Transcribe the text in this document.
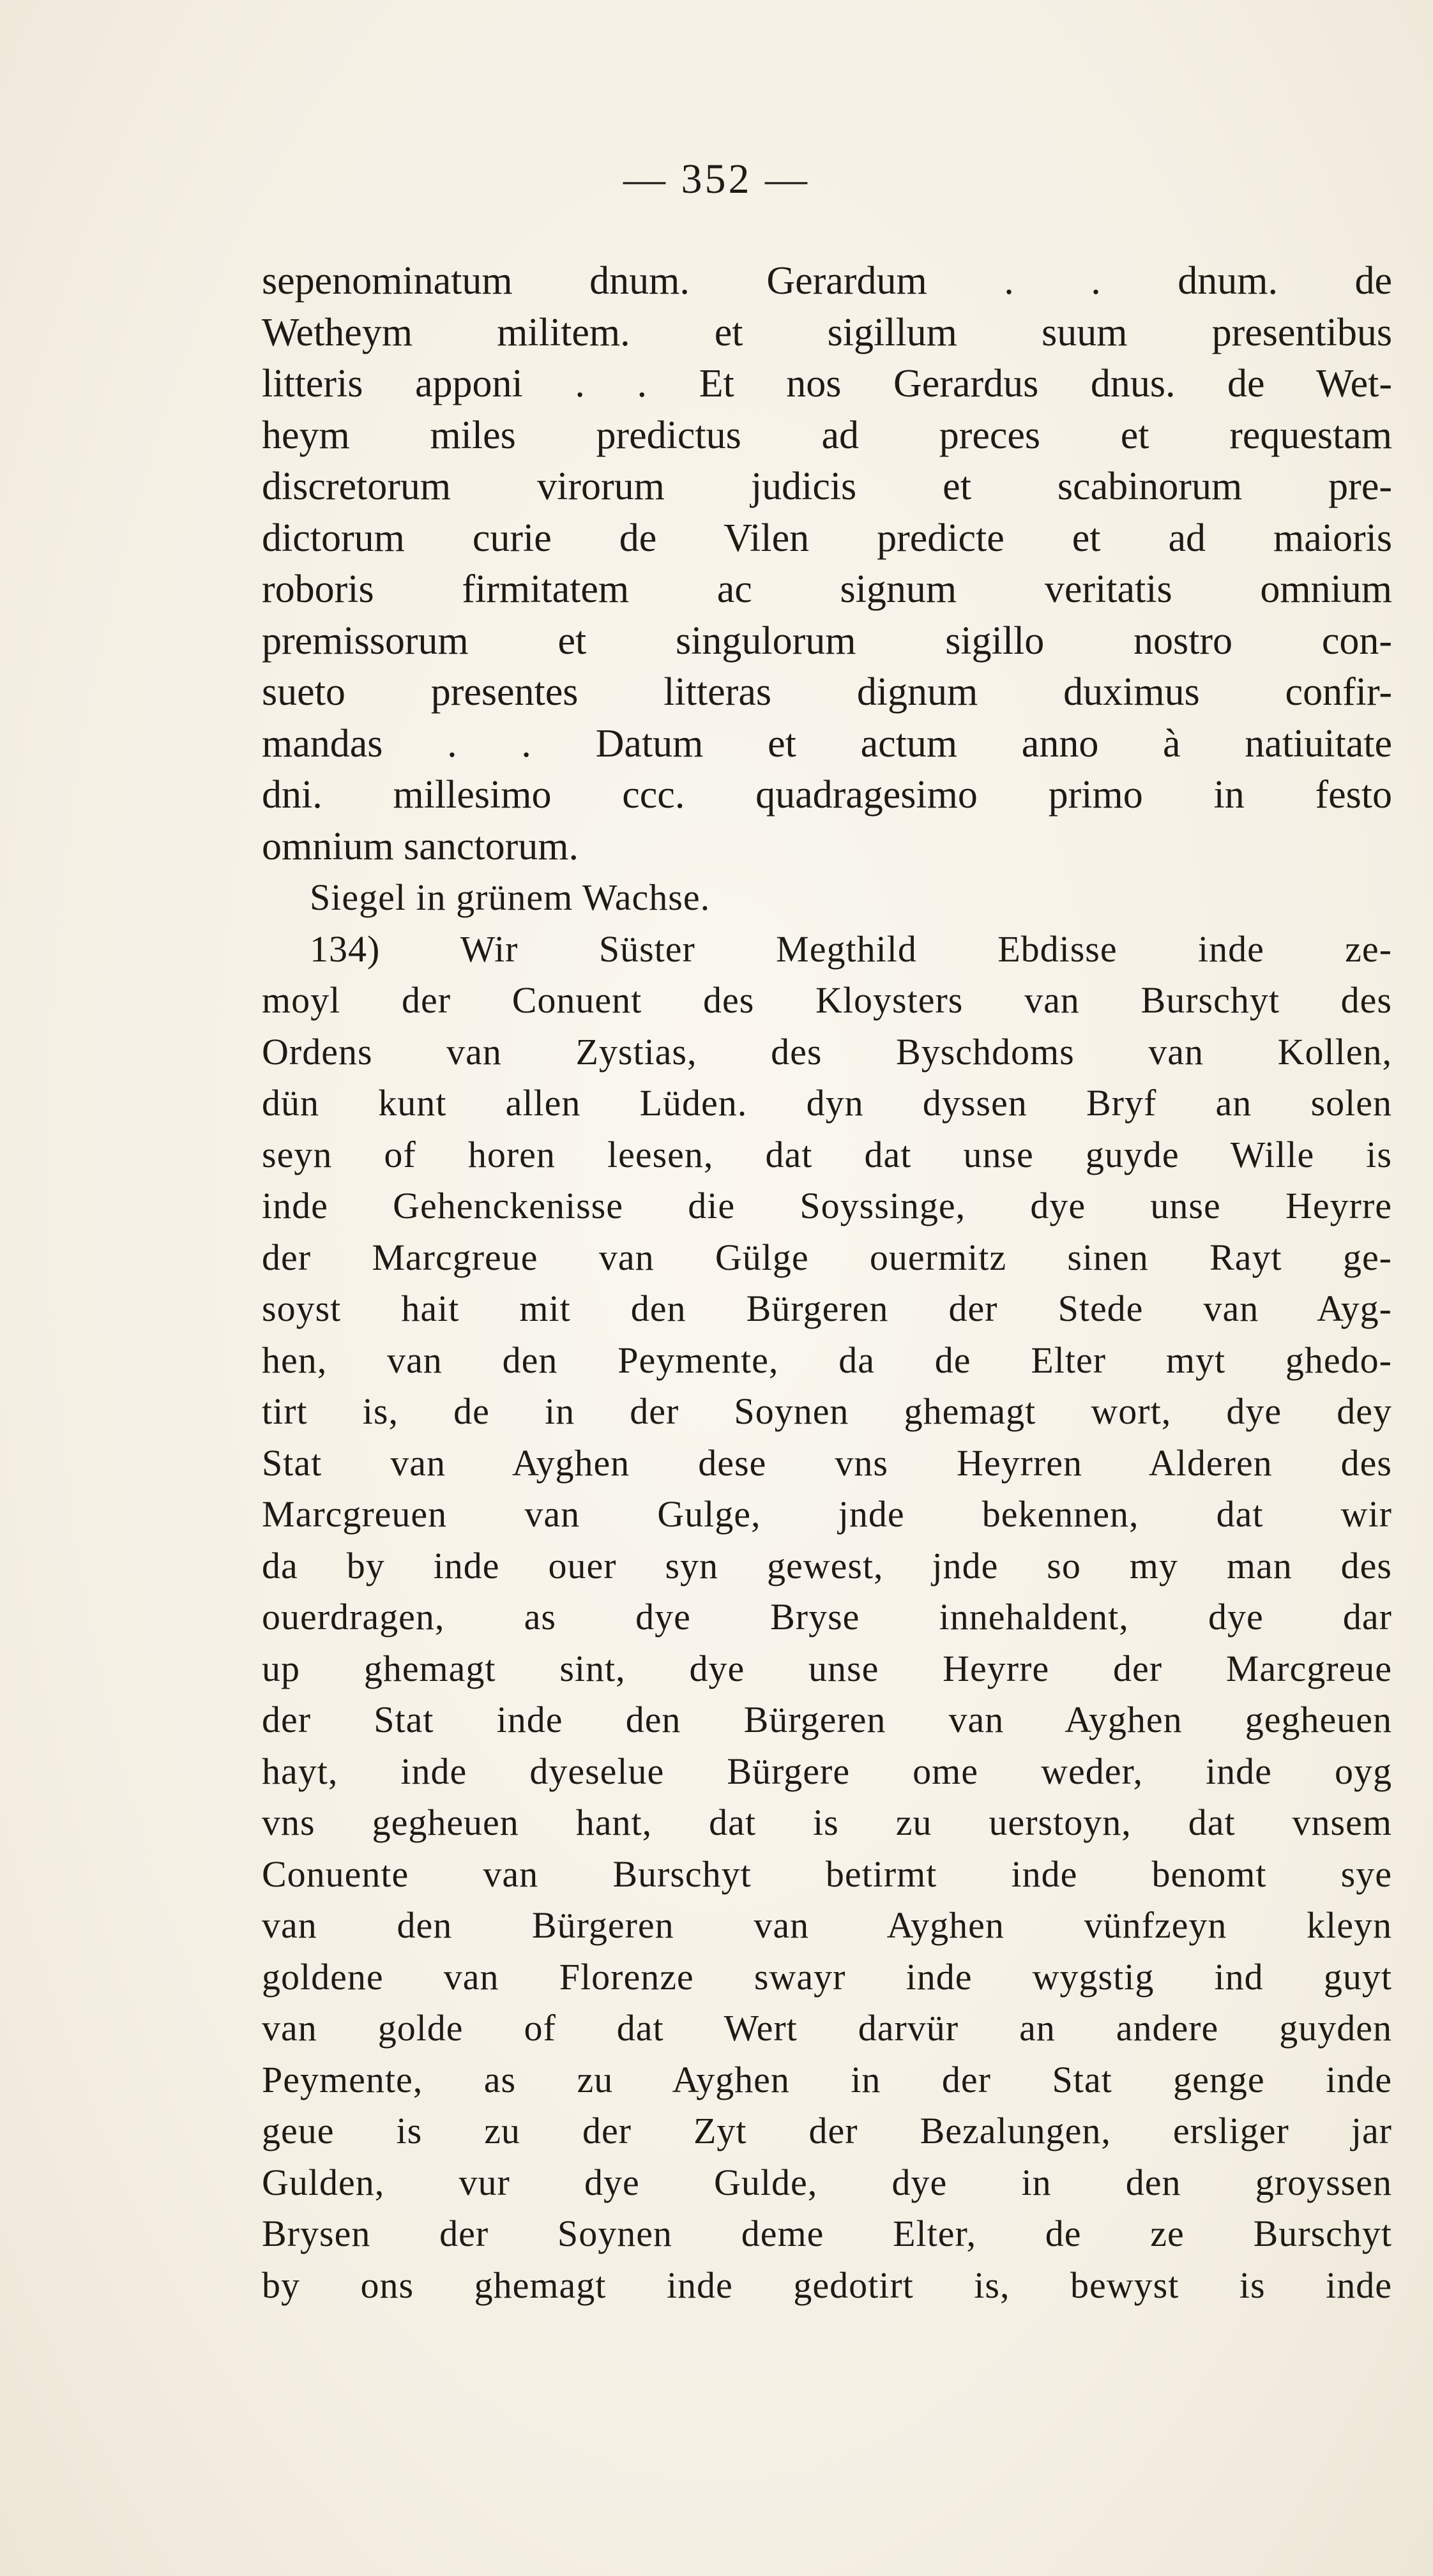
— 352 —
sepenominatum dnum. Gerardum . . dnum. de
Wetheym militem. et sigillum suum presentibus
litteris apponi . . Et nos Gerardus dnus. de Wet-
heym miles predictus ad preces et requestam
discretorum virorum judicis et scabinorum pre-
dictorum curie de Vilen predicte et ad maioris
roboris firmitatem ac signum veritatis omnium
premissorum et singulorum sigillo nostro con-
sueto presentes litteras dignum duximus confir-
mandas . . Datum et actum anno à natiuitate
dni. millesimo ccc. quadragesimo primo in festo
omnium sanctorum.
Siegel in grünem Wachse.
134) Wir Süster Megthild Ebdisse inde ze-
moyl der Conuent des Kloysters van Burschyt des
Ordens van Zystias, des Byschdoms van Kollen,
dün kunt allen Lüden. dyn dyssen Bryf an solen
seyn of horen leesen, dat dat unse guyde Wille is
inde Gehenckenisse die Soyssinge, dye unse Heyrre
der Marcgreue van Gülge ouermitz sinen Rayt ge-
soyst hait mit den Bürgeren der Stede van Ayg-
hen, van den Peymente, da de Elter myt ghedo-
tirt is, de in der Soynen ghemagt wort, dye dey
Stat van Ayghen dese vns Heyrren Alderen des
Marcgreuen van Gulge, jnde bekennen, dat wir
da by inde ouer syn gewest, jnde so my man des
ouerdragen, as dye Bryse innehaldent, dye dar
up ghemagt sint, dye unse Heyrre der Marcgreue
der Stat inde den Bürgeren van Ayghen gegheuen
hayt, inde dyeselue Bürgere ome weder, inde oyg
vns gegheuen hant, dat is zu uerstoyn, dat vnsem
Conuente van Burschyt betirmt inde benomt sye
van den Bürgeren van Ayghen vünfzeyn kleyn
goldene van Florenze swayr inde wygstig ind guyt
van golde of dat Wert darvür an andere guyden
Peymente, as zu Ayghen in der Stat genge inde
geue is zu der Zyt der Bezalungen, ersliger jar
Gulden, vur dye Gulde, dye in den groyssen
Brysen der Soynen deme Elter, de ze Burschyt
by ons ghemagt inde gedotirt is, bewyst is inde
